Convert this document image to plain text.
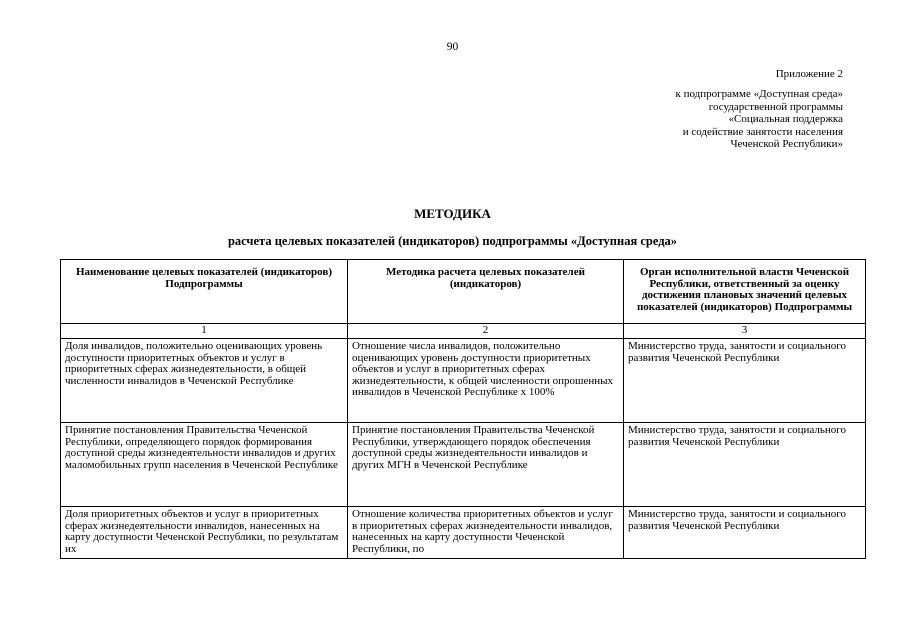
90
Приложение 2
к подпрограмме «Доступная среда»
государственной программы
«Социальная поддержка
и содействие занятости населения
Чеченской Республики»
МЕТОДИКА
расчета целевых показателей (индикаторов) подпрограммы «Доступная среда»
Наименование целевых показателей (индикаторов) Подпрограммы	Методика расчета целевых показателей (индикаторов)	Орган исполнительной власти Чеченской Республики, ответственный за оценку достижения плановых значений целевых показателей (индикаторов) Подпрограммы
1	2	3
Доля инвалидов, положительно оценивающих уровень доступности приоритетных объектов и услуг в приоритетных сферах жизнедеятельности, в общей численности инвалидов в Чеченской Республике	Отношение числа инвалидов, положительно оценивающих уровень доступности приоритетных объектов и услуг в приоритетных сферах жизнедеятельности, к общей численности опрошенных инвалидов в Чеченской Республике х 100%	Министерство труда, занятости и социального развития Чеченской Республики
Принятие постановления Правительства Чеченской Республики, определяющего порядок формирования доступной среды жизнедеятельности инвалидов и других маломобильных групп населения в Чеченской Республике	Принятие постановления Правительства Чеченской Республики, утверждающего порядок обеспечения доступной среды жизнедеятельности инвалидов и других МГН в Чеченской Республике	Министерство труда, занятости и социального развития Чеченской Республики
Доля приоритетных объектов и услуг в приоритетных сферах жизнедеятельности инвалидов, нанесенных на карту доступности Чеченской Республики, по результатам их	Отношение количества приоритетных объектов и услуг в приоритетных сферах жизнедеятельности инвалидов, нанесенных на карту доступности Чеченской Республики, по	Министерство труда, занятости и социального развития Чеченской Республики
